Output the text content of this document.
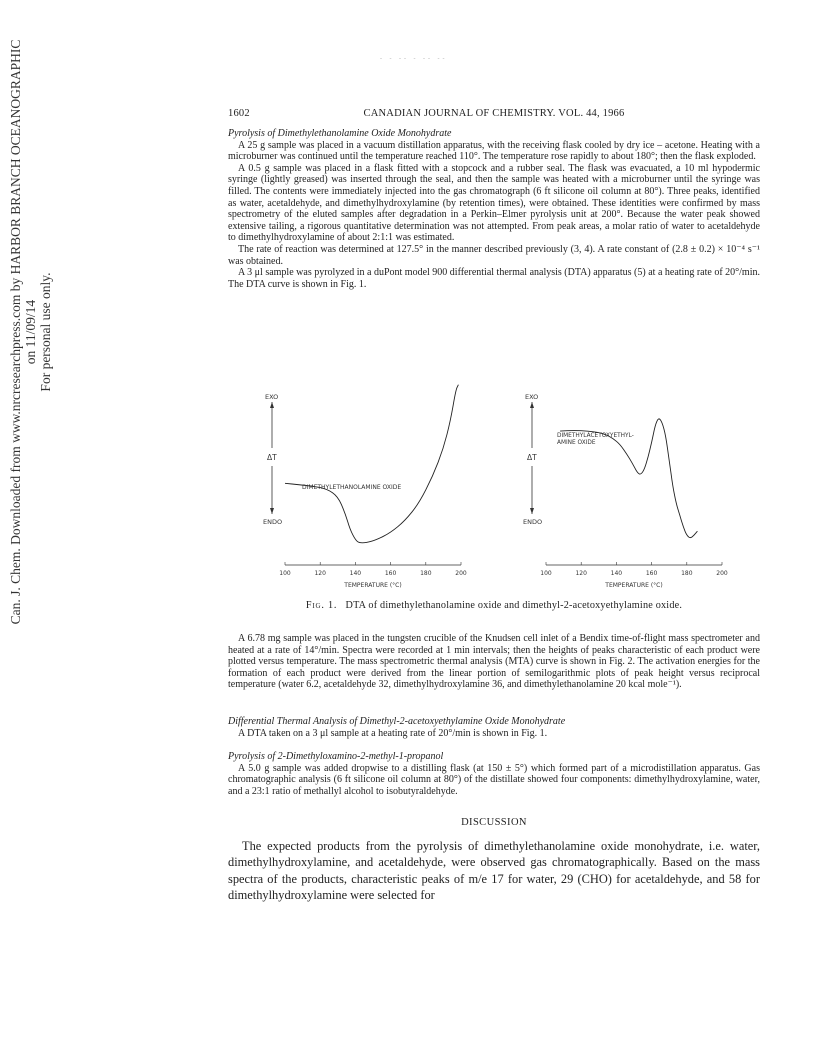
Can. J. Chem. Downloaded from www.nrcresearchpress.com by HARBOR BRANCH OCEANOGRAPHIC on 11/09/14 For personal use only.
- - -- - -- --
1602	CANADIAN JOURNAL OF CHEMISTRY. VOL. 44, 1966

Pyrolysis of Dimethylethanolamine Oxide Monohydrate

A 25 g sample was placed in a vacuum distillation apparatus, with the receiving flask cooled by dry ice – acetone. Heating with a microburner was continued until the temperature reached 110°. The temperature rose rapidly to about 180°; then the flask exploded.

A 0.5 g sample was placed in a flask fitted with a stopcock and a rubber seal. The flask was evacuated, a 10 ml hypodermic syringe (lightly greased) was inserted through the seal, and then the sample was heated with a microburner until the syringe was filled. The contents were immediately injected into the gas chromatograph (6 ft silicone oil column at 80°). Three peaks, identified as water, acetaldehyde, and dimethylhydroxylamine (by retention times), were obtained. These identities were confirmed by mass spectrometry of the eluted samples after degradation in a Perkin–Elmer pyrolysis unit at 200°. Because the water peak showed extensive tailing, a rigorous quantitative determination was not attempted. From peak areas, a molar ratio of water to acetaldehyde to dimethylhydroxylamine of about 2:1:1 was estimated.

The rate of reaction was determined at 127.5° in the manner described previously (3, 4). A rate constant of (2.8 ± 0.2) × 10⁻⁴ s⁻¹ was obtained.

A 3 μl sample was pyrolyzed in a duPont model 900 differential thermal analysis (DTA) apparatus (5) at a heating rate of 20°/min. The DTA curve is shown in Fig. 1.

EXO
ΔT
ENDO
100	120	140	160	180	200
DIMETHYLETHANOLAMINE OXIDE
TEMPERATURE (°C)
EXO
ΔT
ENDO
100	120	140	160	180	200
DIMETHYLACETOXYETHYL- AMINE OXIDE
TEMPERATURE (°C)
Fig. 1. DTA of dimethylethanolamine oxide and dimethyl-2-acetoxyethylamine oxide.

A 6.78 mg sample was placed in the tungsten crucible of the Knudsen cell inlet of a Bendix time-of-flight mass spectrometer and heated at a rate of 14°/min. Spectra were recorded at 1 min intervals; then the heights of peaks characteristic of each product were plotted versus temperature. The mass spectrometric thermal analysis (MTA) curve is shown in Fig. 2. The activation energies for the formation of each product were derived from the linear portion of semilogarithmic plots of peak height versus reciprocal temperature (water 6.2, acetaldehyde 32, dimethylhydroxylamine 36, and dimethylethanolamine 20 kcal mole⁻¹).

Differential Thermal Analysis of Dimethyl-2-acetoxyethylamine Oxide Monohydrate

A DTA taken on a 3 μl sample at a heating rate of 20°/min is shown in Fig. 1.

Pyrolysis of 2-Dimethyloxamino-2-methyl-1-propanol

A 5.0 g sample was added dropwise to a distilling flask (at 150 ± 5°) which formed part of a microdistillation apparatus. Gas chromatographic analysis (6 ft silicone oil column at 80°) of the distillate showed four components: dimethylhydroxylamine, water, and a 23:1 ratio of methallyl alcohol to isobutyraldehyde.

DISCUSSION

The expected products from the pyrolysis of dimethylethanolamine oxide monohydrate, i.e. water, dimethylhydroxylamine, and acetaldehyde, were observed gas chromatographically. Based on the mass spectra of the products, characteristic peaks of m/e 17 for water, 29 (CHO) for acetaldehyde, and 58 for dimethylhydroxylamine were selected for
